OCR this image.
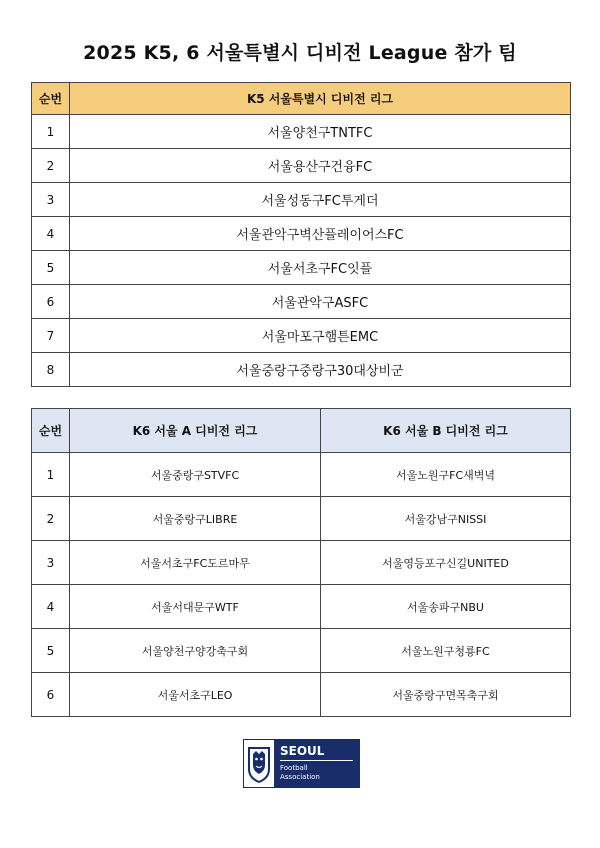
2025 K5, 6 서울특별시 디비전 League 참가 팀
순번	K5 서울특별시 디비전 리그
1	서울양천구TNTFC
2	서울용산구건융FC
3	서울성동구FC투게더
4	서울관악구벽산플레이어스FC
5	서울서초구FC잇플
6	서울관악구ASFC
7	서울마포구햄튼EMC
8	서울중랑구중랑구30대상비군
순번	K6 서울 A 디비전 리그	K6 서울 B 디비전 리그
1	서울중랑구STVFC	서울노원구FC새벽녘
2	서울중랑구LIBRE	서울강남구NISSI
3	서울서초구FC도르마무	서울영등포구신길UNITED
4	서울서대문구WTF	서울송파구NBU
5	서울양천구양강축구회	서울노원구청룡FC
6	서울서초구LEO	서울중랑구면목축구회
SEOUL
Football
Association
